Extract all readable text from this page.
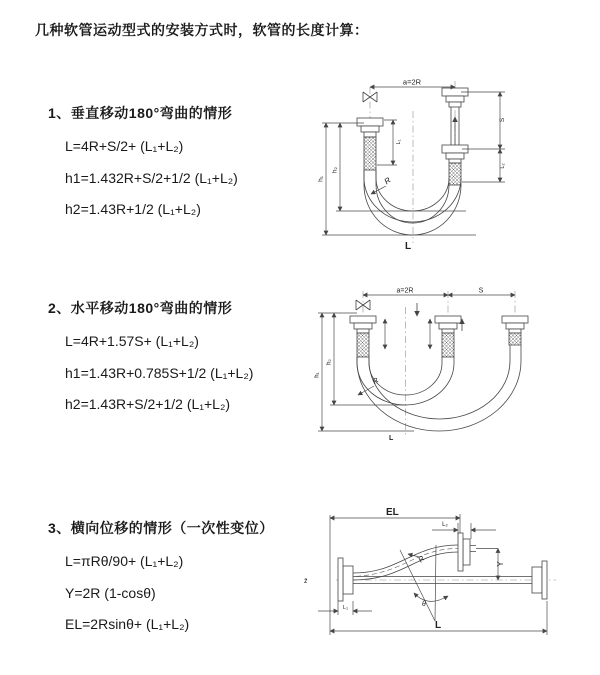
几种软管运动型式的安装方式时，软管的长度计算：
1、垂直移动180°弯曲的情形
L=4R+S/2+ (L₁+L₂)
h1=1.432R+S/2+1/2 (L₁+L₂)
h2=1.43R+1/2 (L₁+L₂)
2、水平移动180°弯曲的情形
L=4R+1.57S+ (L₁+L₂)
h1=1.43R+0.785S+1/2 (L₁+L₂)
h2=1.43R+S/2+1/2 (L₁+L₂)
3、横向位移的情形（一次性变位）
L=πRθ/90+ (L₁+L₂)
Y=2R (1-cosθ)
EL=2Rsinθ+ (L₁+L₂)
a=2R
h₁
h₂
L₁
S
L₂
R
L
a=2R	S
h₁
h₂
R
L
θ
EL
L₂
Y
R
L
L₁
z̄
